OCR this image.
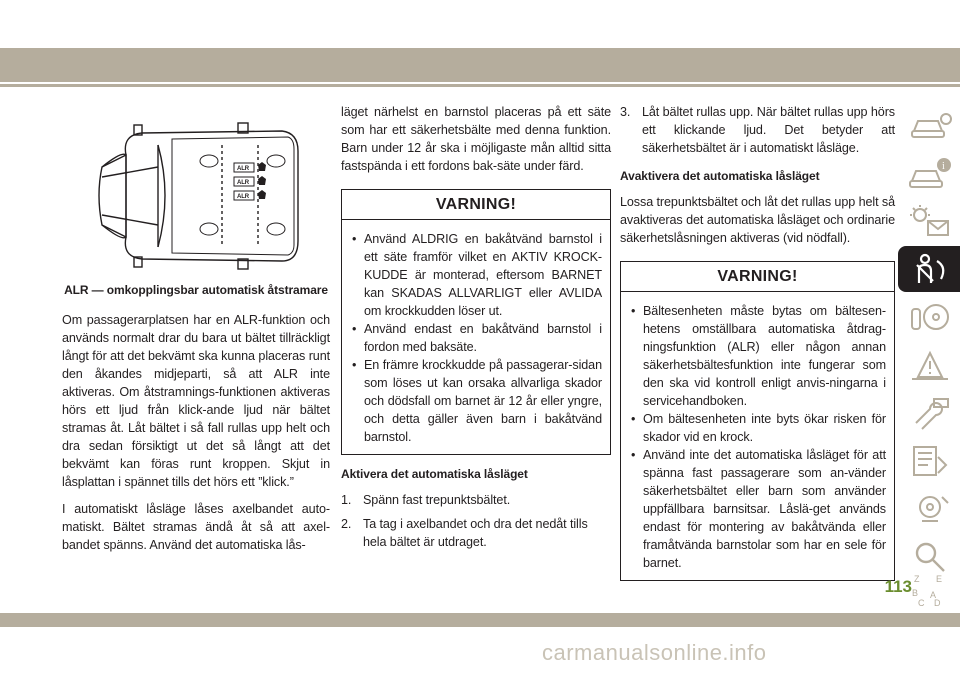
ALR
ALR
ALR
ALR — omkopplingsbar automatisk åtstramare

Om passagerarplatsen har en ALR-funktion och används normalt drar du bara ut bältet tillräckligt långt för att det bekvämt ska kunna placeras runt den åkandes midjeparti, så att ALR inte aktiveras. Om åtstramnings-funktionen aktiveras hörs ett ljud från klick-ande ljud när bältet stramas åt. Låt bältet i så fall rullas upp helt och dra sedan försiktigt ut det så långt att det bekvämt kan föras runt kroppen. Skjut in låsplattan i spännet tills det hörs ett ”klick.”

I automatiskt låsläge låses axelbandet auto-matiskt. Bältet stramas ändå åt så att axel-bandet spänns. Använd det automatiska lås-

läget närhelst en barnstol placeras på ett säte som har ett säkerhetsbälte med denna funktion. Barn under 12 år ska i möjligaste mån alltid sitta fastspända i ett fordons bak-säte under färd.

VARNING!
• Använd ALDRIG en bakåtvänd barnstol i ett säte framför vilket en AKTIV KROCK-KUDDE är monterad, eftersom BARNET kan SKADAS ALLVARLIGT eller AVLIDA om krockkudden löser ut.
• Använd endast en bakåtvänd barnstol i fordon med baksäte.
• En främre krockkudde på passagerar-sidan som löses ut kan orsaka allvarliga skador och dödsfall om barnet är 12 år eller yngre, och detta gäller även barn i bakåtvänd barnstol.
Aktivera det automatiska låsläget
1. Spänn fast trepunktsbältet.
2. Ta tag i axelbandet och dra det nedåt tills hela bältet är utdraget.
3. Låt bältet rullas upp. När bältet rullas upp hörs ett klickande ljud. Det betyder att säkerhetsbältet är i automatiskt låsläge.
Avaktivera det automatiska låsläget

Lossa trepunktsbältet och låt det rullas upp helt så avaktiveras det automatiska låsläget och ordinarie säkerhetslåsningen aktiveras (vid nödfall).

VARNING!
• Bältesenheten måste bytas om bältesen-hetens omställbara automatiska åtdrag-ningsfunktion (ALR) eller någon annan säkerhetsbältesfunktion inte fungerar som den ska vid kontroll enligt anvis-ningarna i servicehandboken.
• Om bältesenheten inte byts ökar risken för skador vid en krock.
• Använd inte det automatiska låsläget för att spänna fast passagerare som an-vänder säkerhetsbältet eller barn som använder uppfällbara barnsitsar. Låslä-get används endast för montering av bakåtvända eller framåtvända barnstolar som har en sele för barnet.
i
Z E
B A
C D
113
carmanualsonline.info
